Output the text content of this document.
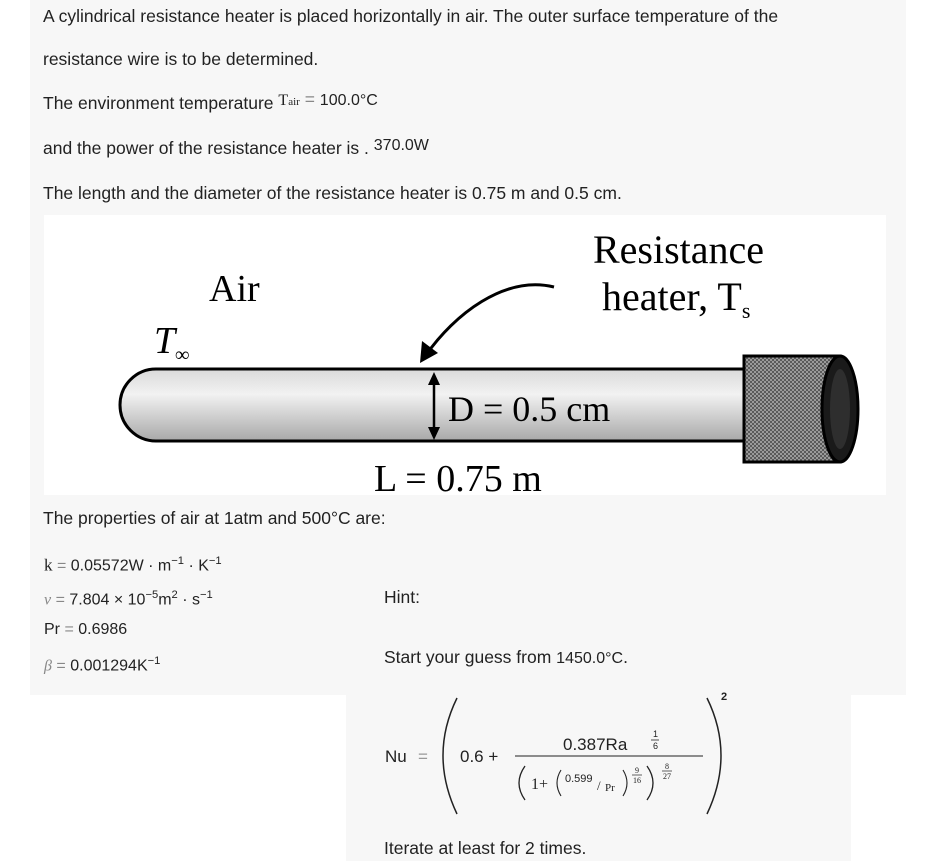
A cylindrical resistance heater is placed horizontally in air. The outer surface temperature of the
resistance wire is to be determined.
The environment temperature $T^{air} = 100.0^\circ C$
and the power of the resistance heater is . 370.0W
The length and the diameter of the resistance heater is 0.75 m and 0.5 cm.
Air
$T_\infty$
Resistance
heater, $T_s$
D = 0.5 cm
L = 0.75 m
The properties of air at 1atm and 500°C are:
$k = 0.05572W \cdot m^{-1} \cdot K^{-1}$
$\nu = 7.804 \times 10^{-5}m^2 \cdot s^{-1}$
Pr = 0.6986
$\beta = 0.001294K^{-1}$
Hint:
Start your guess from 1450.0°C.
Nu = 0.6 +
0.387Ra
1
6
1+ 0.599 / Pr
9
16
8
27
2
Iterate at least for 2 times.
